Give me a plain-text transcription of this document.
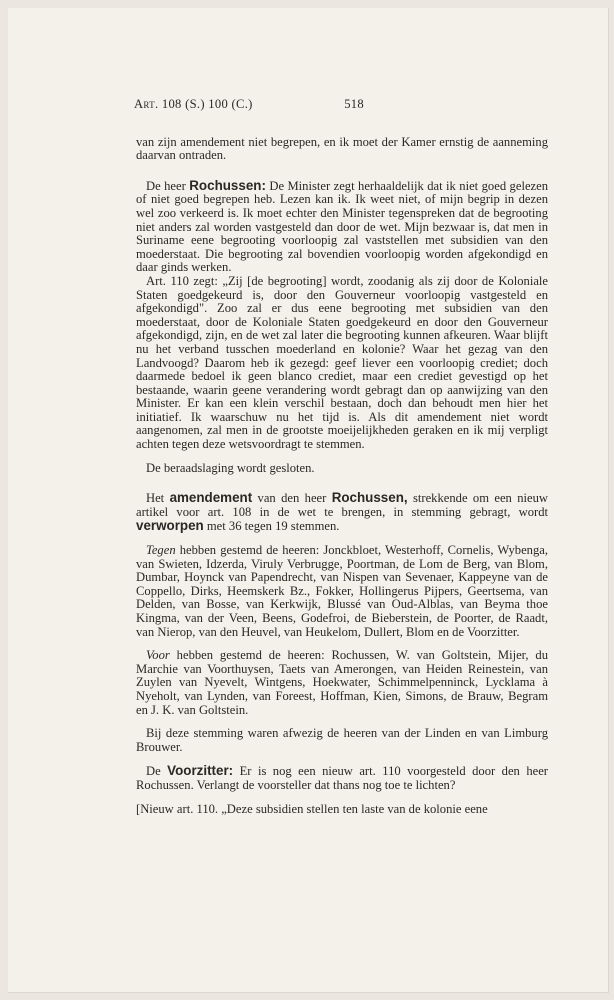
Art. 108 (S.) 100 (C.)	518

van zijn amendement niet begrepen, en ik moet der Kamer ernstig de aanneming daarvan ontraden.

De heer Rochussen: De Minister zegt herhaaldelijk dat ik niet goed gelezen of niet goed begrepen heb. Lezen kan ik. Ik weet niet, of mijn begrip in dezen wel zoo verkeerd is. Ik moet echter den Minister tegenspreken dat de begrooting niet anders zal worden vastgesteld dan door de wet. Mijn bezwaar is, dat men in Suriname eene begrooting voorloopig zal vaststellen met subsidien van den moederstaat. Die begrooting zal bovendien voorloopig worden afgekondigd en daar ginds werken.

Art. 110 zegt: „Zij [de begrooting] wordt, zoodanig als zij door de Koloniale Staten goedgekeurd is, door den Gouverneur voorloopig vastgesteld en afgekondigd". Zoo zal er dus eene begrooting met subsidien van den moederstaat, door de Koloniale Staten goedgekeurd en door den Gouverneur afgekondigd, zijn, en de wet zal later die begrooting kunnen afkeuren. Waar blijft nu het verband tusschen moederland en kolonie? Waar het gezag van den Landvoogd? Daarom heb ik gezegd: geef liever een voorloopig crediet; doch daarmede bedoel ik geen blanco crediet, maar een crediet gevestigd op het bestaande, waarin geene verandering wordt gebragt dan op aanwijzing van den Minister. Er kan een klein verschil bestaan, doch dan behoudt men hier het initiatief. Ik waarschuw nu het tijd is. Als dit amendement niet wordt aangenomen, zal men in de grootste moeijelijkheden geraken en ik mij verpligt achten tegen deze wetsvoordragt te stemmen.

De beraadslaging wordt gesloten.

Het amendement van den heer Rochussen, strekkende om een nieuw artikel voor art. 108 in de wet te brengen, in stemming gebragt, wordt verworpen met 36 tegen 19 stemmen.

Tegen hebben gestemd de heeren: Jonckbloet, Westerhoff, Cornelis, Wybenga, van Swieten, Idzerda, Viruly Verbrugge, Poortman, de Lom de Berg, van Blom, Dumbar, Hoynck van Papendrecht, van Nispen van Sevenaer, Kappeyne van de Coppello, Dirks, Heemskerk Bz., Fokker, Hollingerus Pijpers, Geertsema, van Delden, van Bosse, van Kerkwijk, Blussé van Oud-Alblas, van Beyma thoe Kingma, van der Veen, Beens, Godefroi, de Bieberstein, de Poorter, de Raadt, van Nierop, van den Heuvel, van Heukelom, Dullert, Blom en de Voorzitter.

Voor hebben gestemd de heeren: Rochussen, W. van Goltstein, Mijer, du Marchie van Voorthuysen, Taets van Amerongen, van Heiden Reinestein, van Zuylen van Nyevelt, Wintgens, Hoekwater, Schimmelpenninck, Lycklama à Nyeholt, van Lynden, van Foreest, Hoffman, Kien, Simons, de Brauw, Begram en J. K. van Goltstein.

Bij deze stemming waren afwezig de heeren van der Linden en van Limburg Brouwer.

De Voorzitter: Er is nog een nieuw art. 110 voorgesteld door den heer Rochussen. Verlangt de voorsteller dat thans nog toe te lichten?

[Nieuw art. 110. „Deze subsidien stellen ten laste van de kolonie eene
